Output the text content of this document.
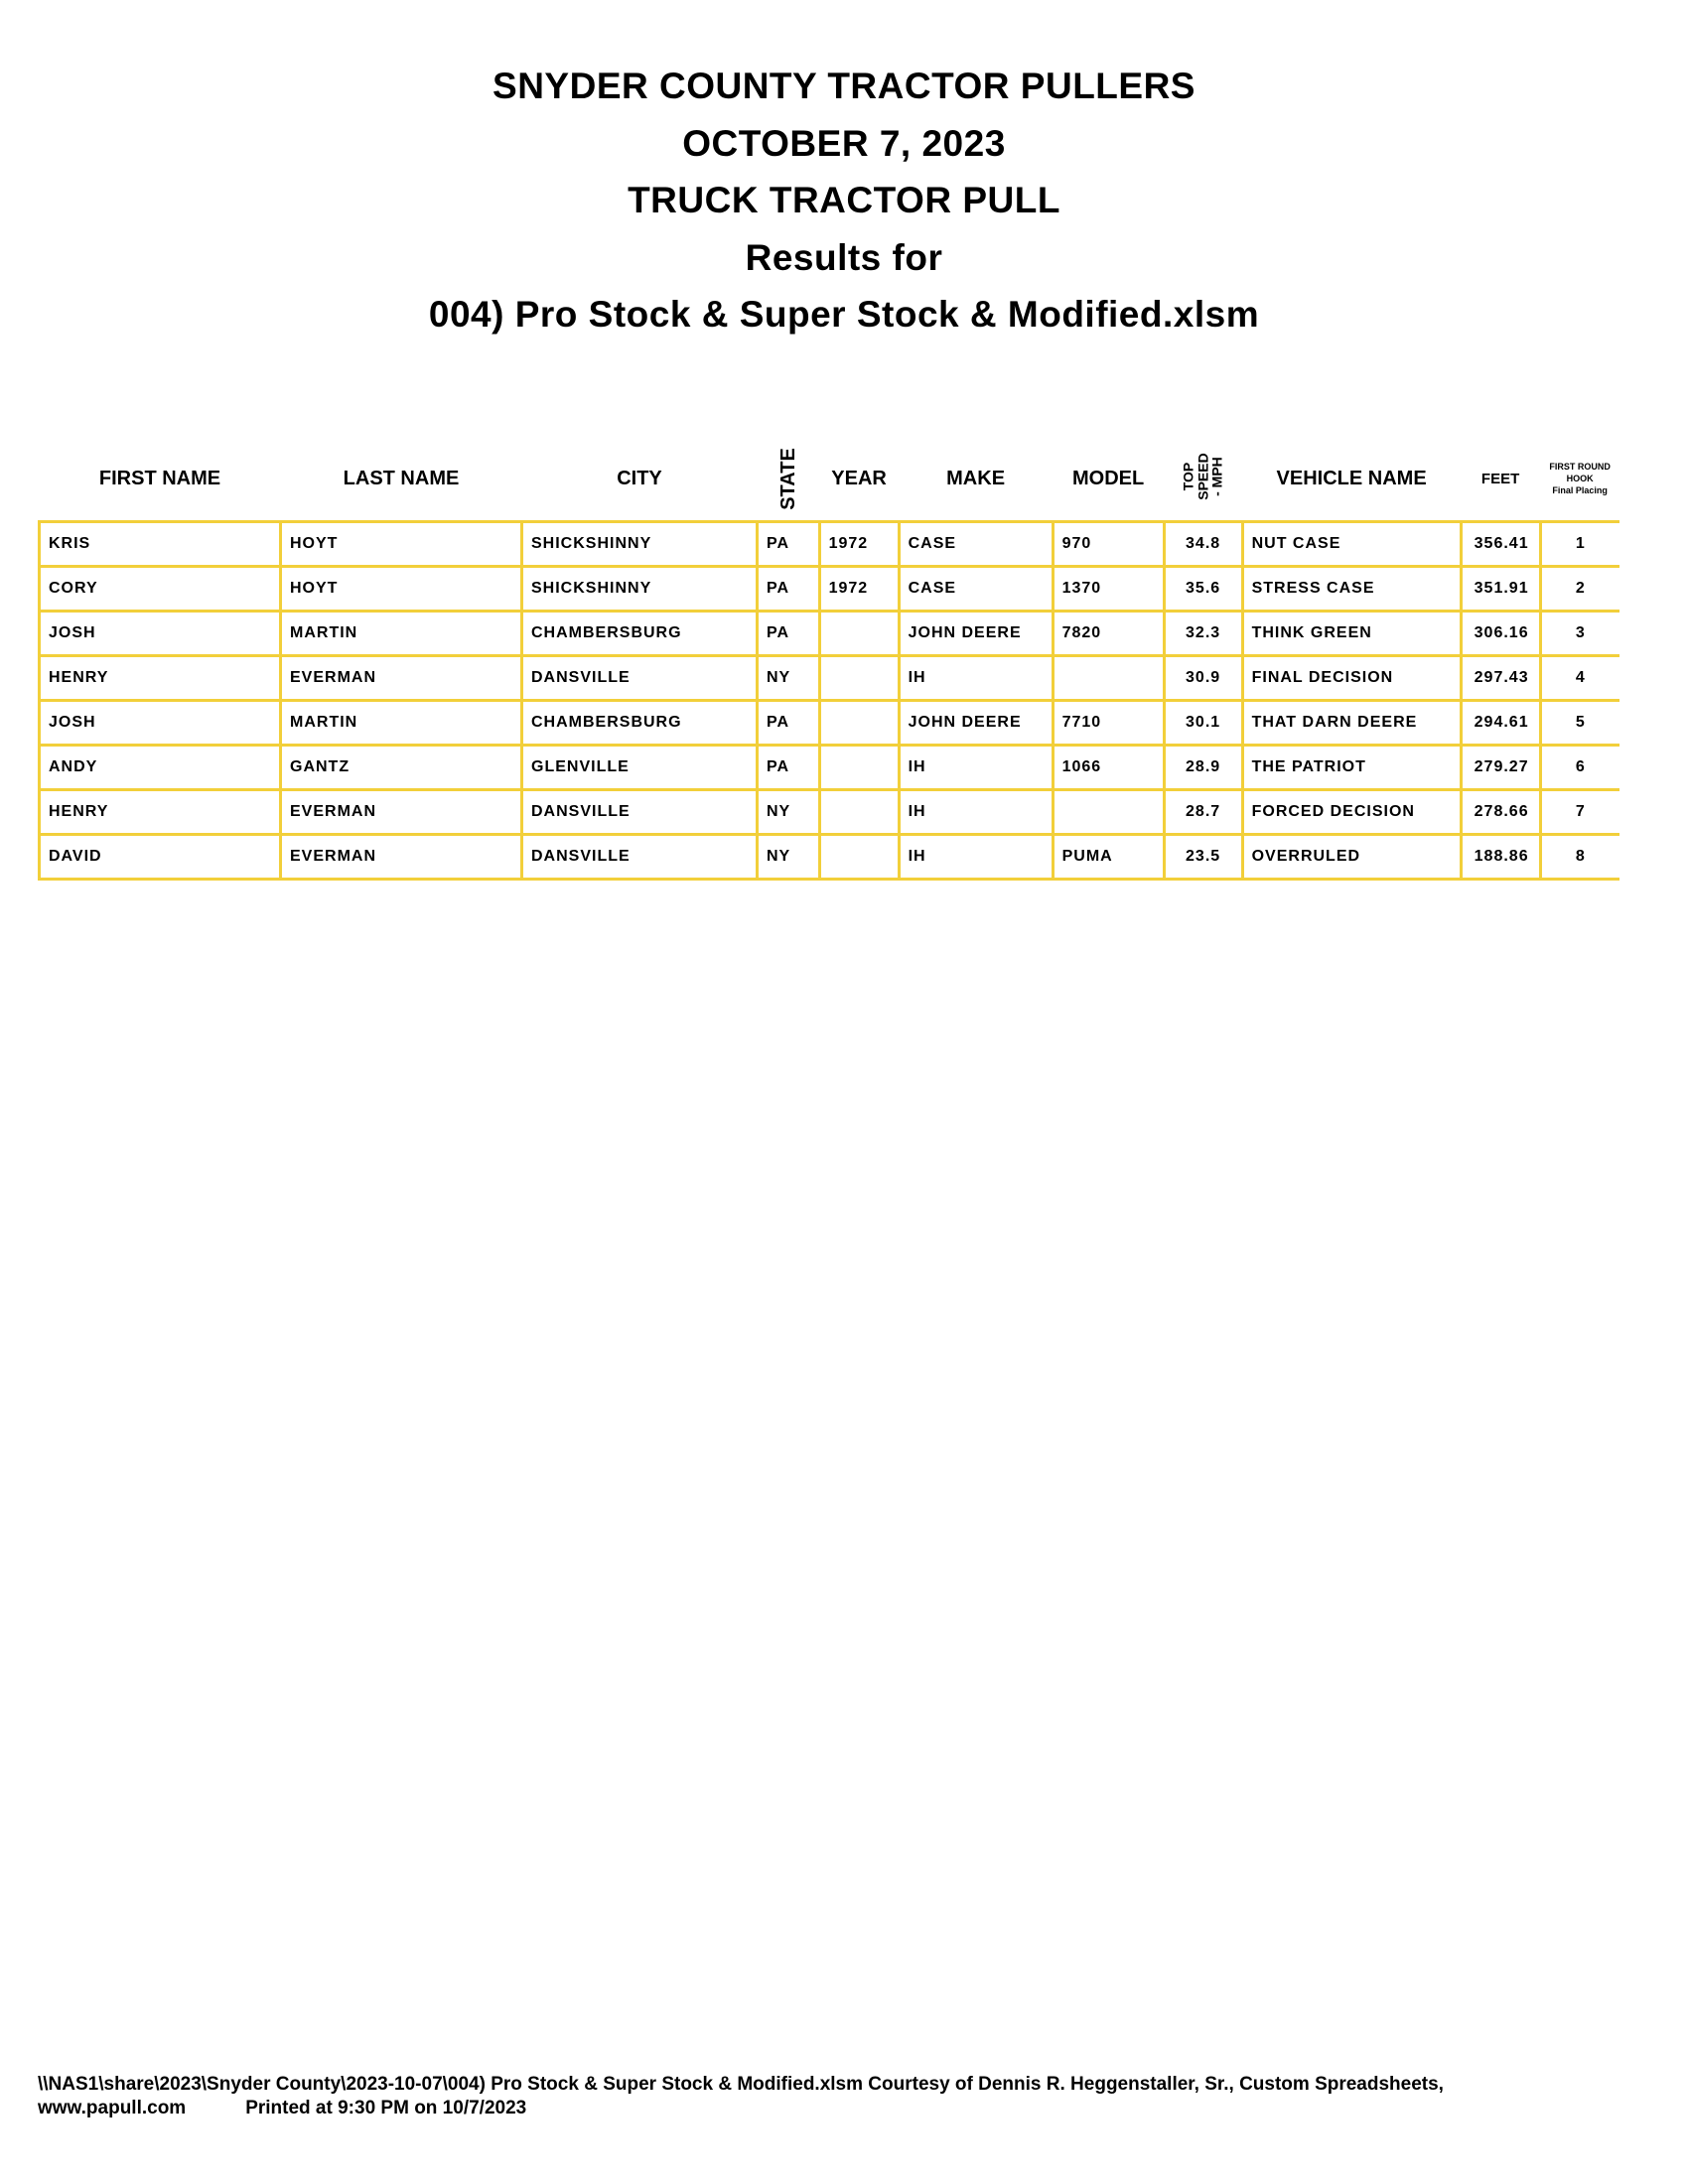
SNYDER COUNTY TRACTOR PULLERS
OCTOBER 7, 2023
TRUCK TRACTOR PULL
Results for
004) Pro Stock & Super Stock & Modified.xlsm
FIRST NAME	LAST NAME	CITY	STATE	YEAR	MAKE	MODEL	TOP
SPEED
- MPH	VEHICLE NAME	FEET	FIRST ROUND
HOOK
Final Placing
KRIS	HOYT	SHICKSHINNY	PA	1972	CASE	970	34.8	NUT CASE	356.41	1
CORY	HOYT	SHICKSHINNY	PA	1972	CASE	1370	35.6	STRESS CASE	351.91	2
JOSH	MARTIN	CHAMBERSBURG	PA		JOHN DEERE	7820	32.3	THINK GREEN	306.16	3
HENRY	EVERMAN	DANSVILLE	NY		IH		30.9	FINAL DECISION	297.43	4
JOSH	MARTIN	CHAMBERSBURG	PA		JOHN DEERE	7710	30.1	THAT DARN DEERE	294.61	5
ANDY	GANTZ	GLENVILLE	PA		IH	1066	28.9	THE PATRIOT	279.27	6
HENRY	EVERMAN	DANSVILLE	NY		IH		28.7	FORCED DECISION	278.66	7
DAVID	EVERMAN	DANSVILLE	NY		IH	PUMA	23.5	OVERRULED	188.86	8
\\NAS1\share\2023\Snyder County\2023-10-07\004) Pro Stock & Super Stock & Modified.xlsm Courtesy of Dennis R. Heggenstaller, Sr., Custom Spreadsheets,
www.papull.com	Printed at 9:30 PM on 10/7/2023
